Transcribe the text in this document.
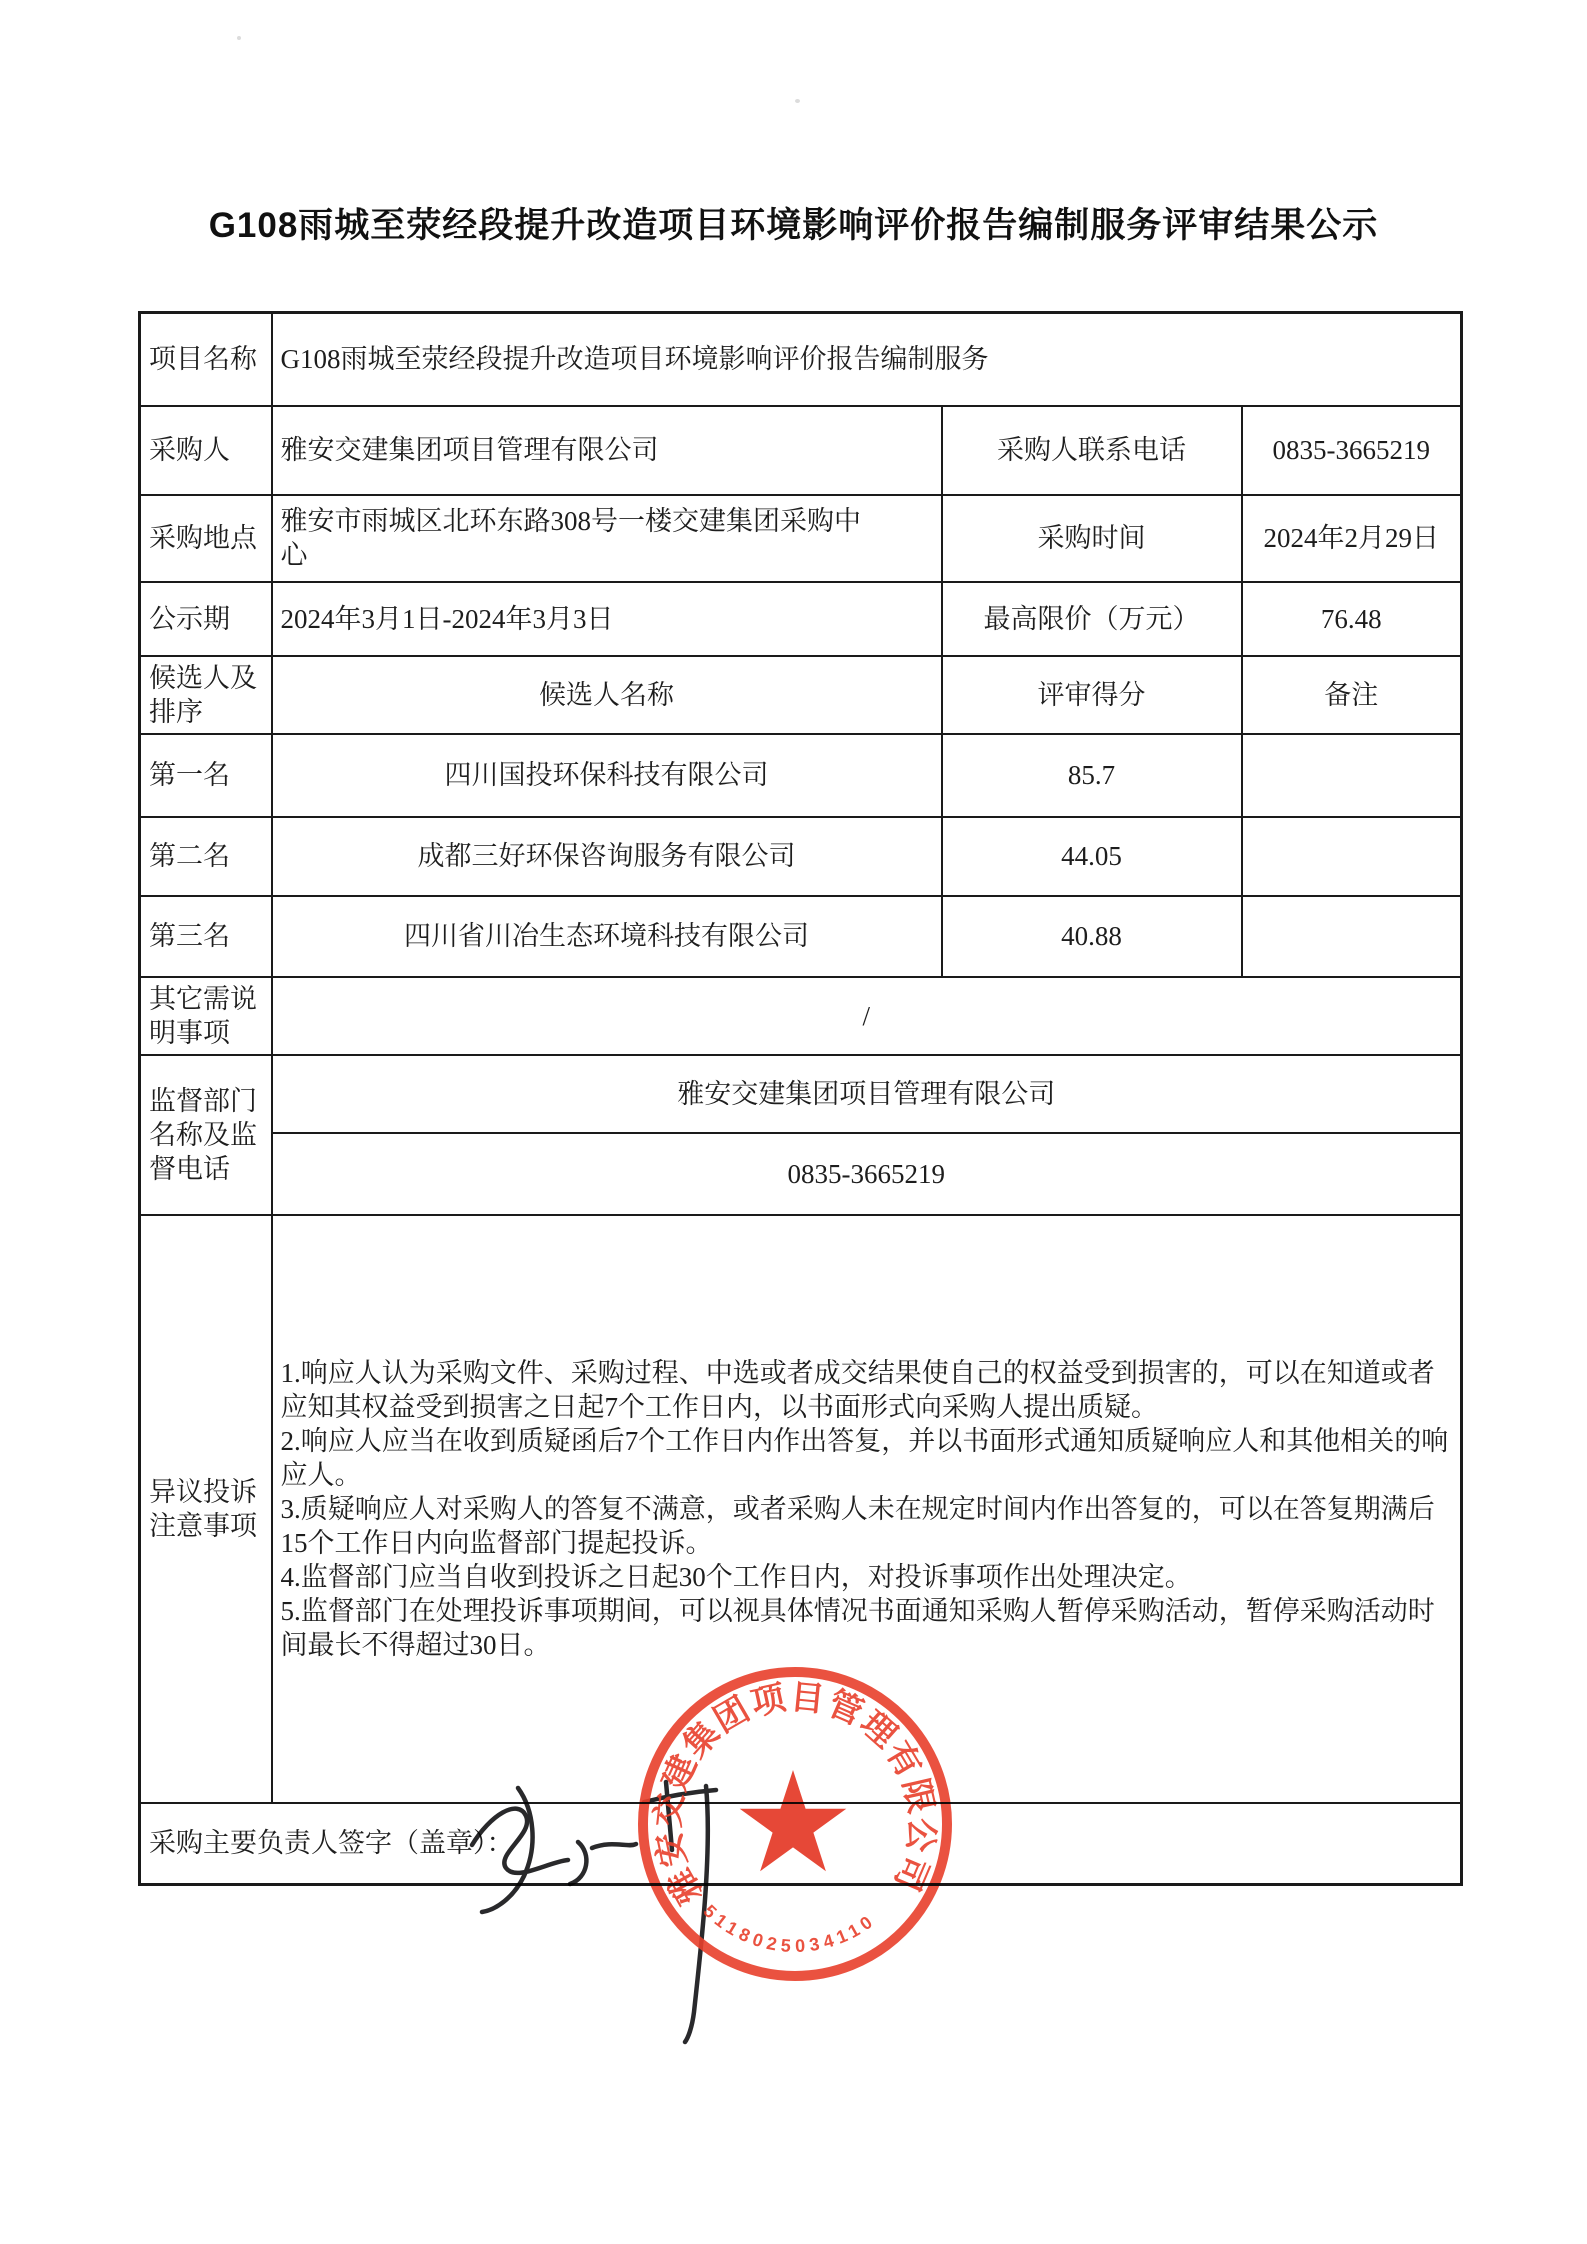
G108雨城至荥经段提升改造项目环境影响评价报告编制服务评审结果公示
项目名称	G108雨城至荥经段提升改造项目环境影响评价报告编制服务		
采购人	雅安交建集团项目管理有限公司	采购人联系电话	0835-3665219
采购地点	雅安市雨城区北环东路308号一楼交建集团采购中心	采购时间	2024年2月29日
公示期	2024年3月1日-2024年3月3日	最高限价（万元）	76.48
候选人及排序	候选人名称	评审得分	备注
第一名	四川国投环保科技有限公司	85.7	
第二名	成都三好环保咨询服务有限公司	44.05	
第三名	四川省川冶生态环境科技有限公司	40.88	
其它需说明事项	/		
监督部门名称及监督电话	雅安交建集团项目管理有限公司		
	0835-3665219		
异议投诉注意事项	1.响应人认为采购文件、采购过程、中选或者成交结果使自己的权益受到损害的，可以在知道或者应知其权益受到损害之日起7个工作日内，以书面形式向采购人提出质疑。
2.响应人应当在收到质疑函后7个工作日内作出答复，并以书面形式通知质疑响应人和其他相关的响应人。
3.质疑响应人对采购人的答复不满意，或者采购人未在规定时间内作出答复的，可以在答复期满后15个工作日内向监督部门提起投诉。
4.监督部门应当自收到投诉之日起30个工作日内，对投诉事项作出处理决定。
5.监督部门在处理投诉事项期间，可以视具体情况书面通知采购人暂停采购活动，暂停采购活动时间最长不得超过30日。		

采购主要负责人签字（盖章）：			
雅安交建集团项目管理有限公司
5118025034110
